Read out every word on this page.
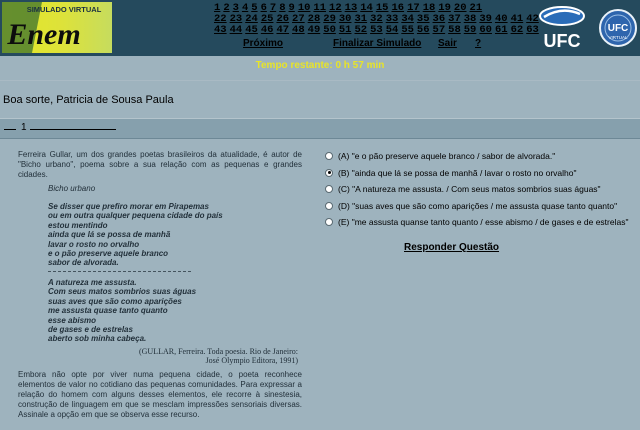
SIMULADO VIRTUAL
Enem
1 2 3 4 5 6 7 8 9 10 11 12 13 14 15 16 17 18 19 20 21
22 23 24 25 26 27 28 29 30 31 32 33 34 35 36 37 38 39 40 41 42
43 44 45 46 47 48 49 50 51 52 53 54 55 56 57 58 59 60 61 62 63
Próximo	Finalizar Simulado Sair ?	UFC
UFC
VIRTUAL
Tempo restante: 0 h 57 min
Boa sorte, Patricia de Sousa Paula
1
Ferreira Gullar, um dos grandes poetas brasileiros da atualidade, é autor de "Bicho urbano", poema sobre a sua relação com as pequenas e grandes cidades.
Bicho urbano
Se disser que prefiro morar em Pirapemas
ou em outra qualquer pequena cidade do país
estou mentindo
ainda que lá se possa de manhã
lavar o rosto no orvalho
e o pão preserve aquele branco
sabor de alvorada.
A natureza me assusta.
Com seus matos sombrios suas águas
suas aves que são como aparições
me assusta quase tanto quanto
esse abismo
de gases e de estrelas
aberto sob minha cabeça.
(GULLAR, Ferreira. Toda poesia. Rio de Janeiro:
José Olympio Editora, 1991)
Embora não opte por viver numa pequena cidade, o poeta reconhece elementos de valor no cotidiano das pequenas comunidades. Para expressar a relação do homem com alguns desses elementos, ele recorre à sinestesia, construção de linguagem em que se mesclam impressões sensoriais diversas. Assinale a opção em que se observa esse recurso.
(A) "e o pão preserve aquele branco / sabor de alvorada."
(B) "ainda que lá se possa de manhã / lavar o rosto no orvalho"
(C) "A natureza me assusta. / Com seus matos sombrios suas águas"
(D) "suas aves que são como aparições / me assusta quase tanto quanto"
(E) "me assusta quanse tanto quanto / esse abismo / de gases e de estrelas"
Responder Questão
